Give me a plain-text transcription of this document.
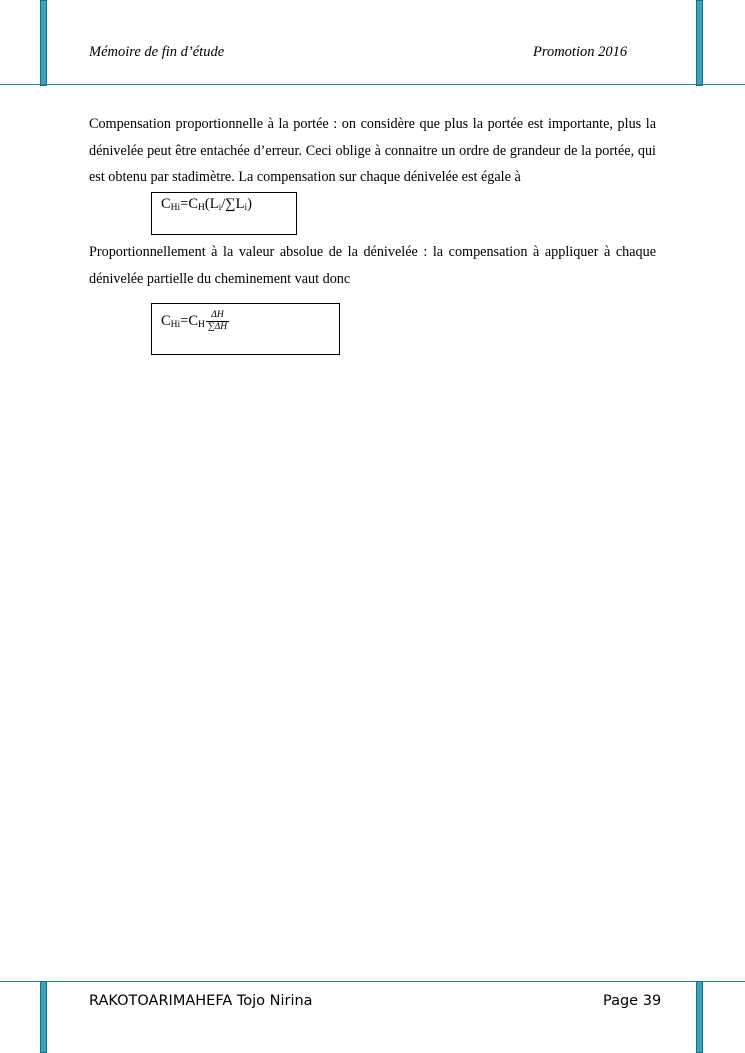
Mémoire de fin d’étude	Promotion 2016
Compensation proportionnelle à la portée : on considère que plus la portée est importante, plus la dénivelée peut être entachée d’erreur. Ceci oblige à connaitre un ordre de grandeur de la portée, qui est obtenu par stadimètre. La compensation sur chaque dénivelée est égale à
$C_{Hi}=C_H(L_i/\sum L_i)$
Proportionnellement à la valeur absolue de la dénivelée : la compensation à appliquer à chaque dénivelée partielle du cheminement vaut donc
$C_{Hi}=C_H \frac{\Delta H}{\sum\Delta H}$
RAKOTOARIMAHEFA Tojo Nirina	Page 39
